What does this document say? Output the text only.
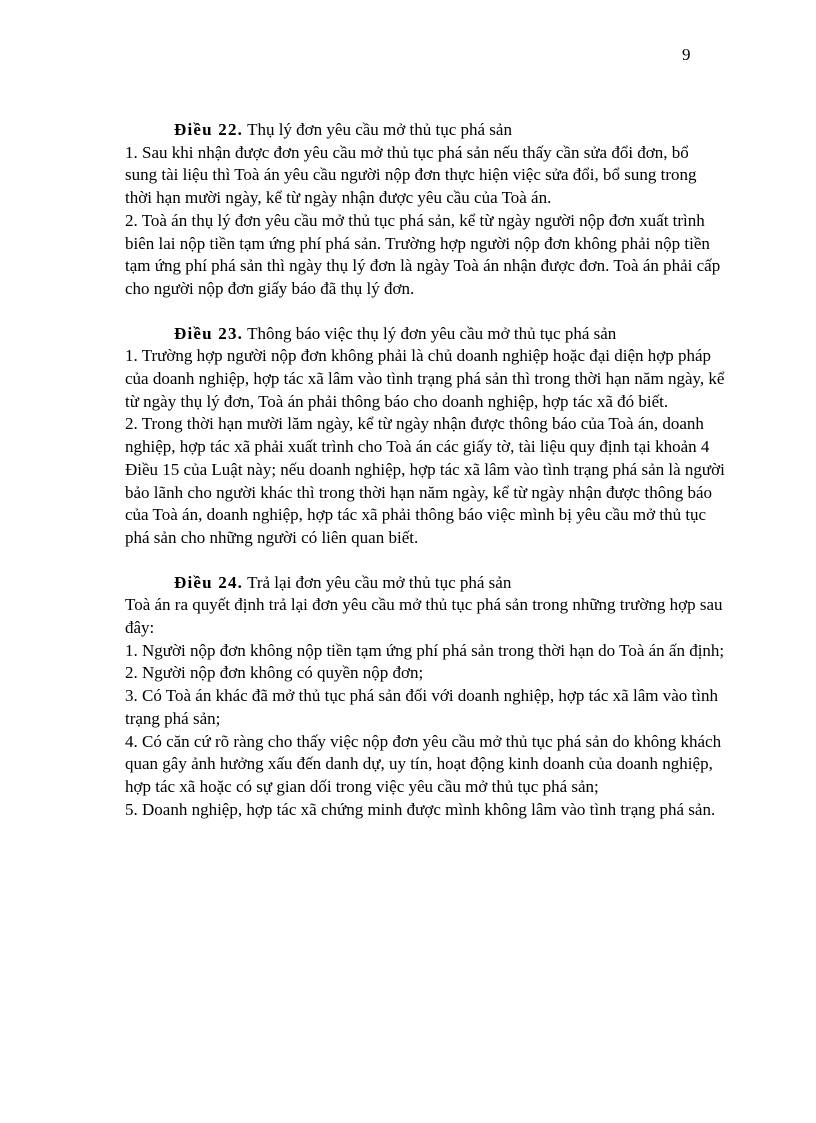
9
Điều 22. Thụ lý đơn yêu cầu mở thủ tục phá sản

1. Sau khi nhận được đơn yêu cầu mở thủ tục phá sản nếu thấy cần sửa đổi đơn, bổ sung tài liệu thì Toà án yêu cầu người nộp đơn thực hiện việc sửa đổi, bổ sung trong thời hạn mười ngày, kể từ ngày nhận được yêu cầu của Toà án.

2. Toà án thụ lý đơn yêu cầu mở thủ tục phá sản, kể từ ngày người nộp đơn xuất trình biên lai nộp tiền tạm ứng phí phá sản. Trường hợp người nộp đơn không phải nộp tiền tạm ứng phí phá sản thì ngày thụ lý đơn là ngày Toà án nhận được đơn. Toà án phải cấp cho người nộp đơn giấy báo đã thụ lý đơn.

Điều 23. Thông báo việc thụ lý đơn yêu cầu mở thủ tục phá sản

1. Trường hợp người nộp đơn không phải là chủ doanh nghiệp hoặc đại diện hợp pháp của doanh nghiệp, hợp tác xã lâm vào tình trạng phá sản thì trong thời hạn năm ngày, kể từ ngày thụ lý đơn, Toà án phải thông báo cho doanh nghiệp, hợp tác xã đó biết.

2. Trong thời hạn mười lăm ngày, kể từ ngày nhận được thông báo của Toà án, doanh nghiệp, hợp tác xã phải xuất trình cho Toà án các giấy tờ, tài liệu quy định tại khoản 4 Điều 15 của Luật này; nếu doanh nghiệp, hợp tác xã lâm vào tình trạng phá sản là người bảo lãnh cho người khác thì trong thời hạn năm ngày, kể từ ngày nhận được thông báo của Toà án, doanh nghiệp, hợp tác xã phải thông báo việc mình bị yêu cầu mở thủ tục phá sản cho những người có liên quan biết.

Điều 24. Trả lại đơn yêu cầu mở thủ tục phá sản

Toà án ra quyết định trả lại đơn yêu cầu mở thủ tục phá sản trong những trường hợp sau đây:

1. Người nộp đơn không nộp tiền tạm ứng phí phá sản trong thời hạn do Toà án ấn định;

2. Người nộp đơn không có quyền nộp đơn;

3. Có Toà án khác đã mở thủ tục phá sản đối với doanh nghiệp, hợp tác xã lâm vào tình trạng phá sản;

4. Có căn cứ rõ ràng cho thấy việc nộp đơn yêu cầu mở thủ tục phá sản do không khách quan gây ảnh hưởng xấu đến danh dự, uy tín, hoạt động kinh doanh của doanh nghiệp, hợp tác xã hoặc có sự gian dối trong việc yêu cầu mở thủ tục phá sản;

5. Doanh nghiệp, hợp tác xã chứng minh được mình không lâm vào tình trạng phá sản.
